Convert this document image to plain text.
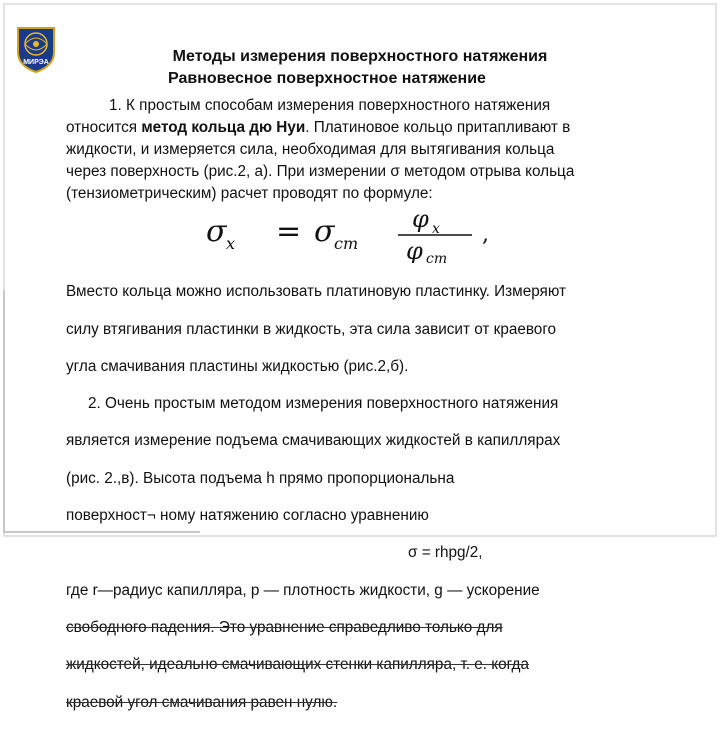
МИРЭА	Методы измерения поверхностного натяжения
Равновесное поверхностное натяжение

1. К простым способам измерения поверхностного натяжения

относится метод кольца дю Нуи. Платиновое кольцо притапливают в

жидкости, и измеряется сила, необходимая для вытягивания кольца

через поверхность (рис.2, а). При измерении σ методом отрыва кольца

(тензиометрическим) расчет проводят по формуле:

σ x = σ cm
φ x
φ cm
,

Вместо кольца можно использовать платиновую пластинку. Измеряют

силу втягивания пластинки в жидкость, эта сила зависит от краевого

угла смачивания пластины жидкостью (рис.2,б).

2. Очень простым методом измерения поверхностного натяжения

является измерение подъема смачивающих жидкостей в капиллярах

(рис. 2.,в). Высота подъема h прямо пропорциональна

поверхност¬ ному натяжению согласно уравнению

σ = rhpg/2,

где r—радиус капилляра, р — плотность жидкости, g — ускорение

свободного падения. Это уравнение справедливо только для

жидкостей, идеально смачивающих стенки капилляра, т. е. когда

краевой угол смачивания равен нулю.
